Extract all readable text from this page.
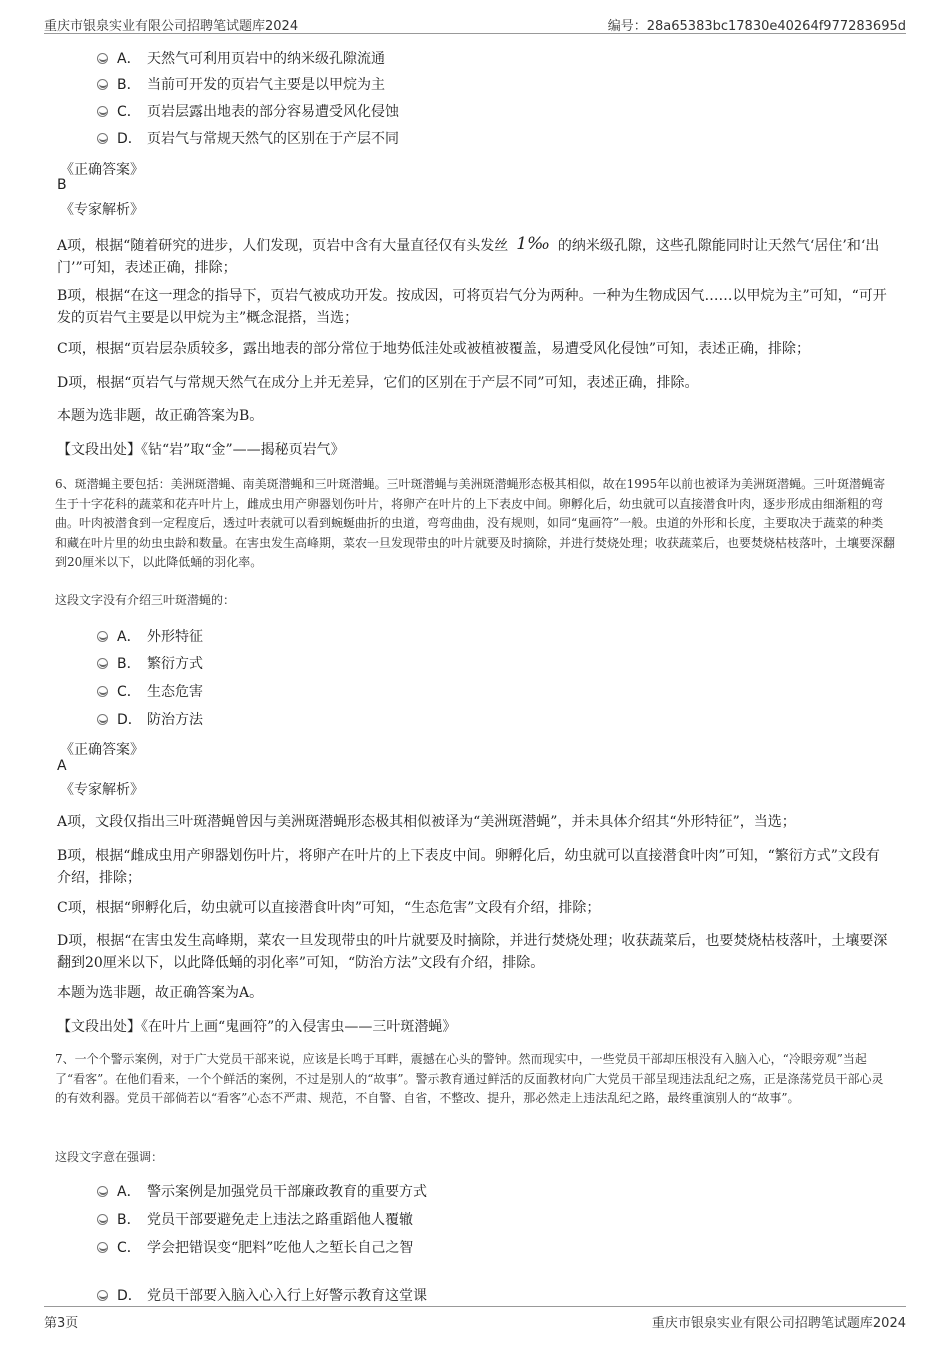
重庆市银泉实业有限公司招聘笔试题库2024	编号：28a65383bc17830e40264f977283695d
A． 天然气可利用页岩中的纳米级孔隙流通
B． 当前可开发的页岩气主要是以甲烷为主
C． 页岩层露出地表的部分容易遭受风化侵蚀
D． 页岩气与常规天然气的区别在于产层不同
《正确答案》
B
《专家解析》
A项，根据“随着研究的进步，人们发现，页岩中含有大量直径仅有头发丝 1‰ 的纳米级孔隙，这些孔隙能同时让天然气‘居住’和‘出门’”可知，表述正确，排除；
B项，根据“在这一理念的指导下，页岩气被成功开发。按成因，可将页岩气分为两种。一种为生物成因气……以甲烷为主”可知，“可开发的页岩气主要是以甲烷为主”概念混搭，当选；
C项，根据“页岩层杂质较多，露出地表的部分常位于地势低洼处或被植被覆盖，易遭受风化侵蚀”可知，表述正确，排除；
D项，根据“页岩气与常规天然气在成分上并无差异，它们的区别在于产层不同”可知，表述正确，排除。
本题为选非题，故正确答案为B。
【文段出处】《钻“岩”取“金”——揭秘页岩气》
6、斑潜蝇主要包括：美洲斑潜蝇、南美斑潜蝇和三叶斑潜蝇。三叶斑潜蝇与美洲斑潜蝇形态极其相似，故在1995年以前也被译为美洲斑潜蝇。三叶斑潜蝇寄生于十字花科的蔬菜和花卉叶片上，雌成虫用产卵器划伤叶片，将卵产在叶片的上下表皮中间。卵孵化后，幼虫就可以直接潜食叶肉，逐步形成由细渐粗的弯曲。叶肉被潜食到一定程度后，透过叶表就可以看到蜿蜒曲折的虫道，弯弯曲曲，没有规则，如同“鬼画符”一般。虫道的外形和长度，主要取决于蔬菜的种类和藏在叶片里的幼虫虫龄和数量。在害虫发生高峰期，菜农一旦发现带虫的叶片就要及时摘除，并进行焚烧处理；收获蔬菜后，也要焚烧枯枝落叶，土壤要深翻到20厘米以下，以此降低蛹的羽化率。
这段文字没有介绍三叶斑潜蝇的：
A． 外形特征
B． 繁衍方式
C． 生态危害
D． 防治方法
《正确答案》
A
《专家解析》
A项，文段仅指出三叶斑潜蝇曾因与美洲斑潜蝇形态极其相似被译为“美洲斑潜蝇”，并未具体介绍其“外形特征”，当选；
B项，根据“雌成虫用产卵器划伤叶片，将卵产在叶片的上下表皮中间。卵孵化后，幼虫就可以直接潜食叶肉”可知，“繁衍方式”文段有介绍，排除；
C项，根据“卵孵化后，幼虫就可以直接潜食叶肉”可知，“生态危害”文段有介绍，排除；
D项，根据“在害虫发生高峰期，菜农一旦发现带虫的叶片就要及时摘除，并进行焚烧处理；收获蔬菜后，也要焚烧枯枝落叶，土壤要深翻到20厘米以下，以此降低蛹的羽化率”可知，“防治方法”文段有介绍，排除。
本题为选非题，故正确答案为A。
【文段出处】《在叶片上画“鬼画符”的入侵害虫——三叶斑潜蝇》
7、一个个警示案例，对于广大党员干部来说，应该是长鸣于耳畔，震撼在心头的警钟。然而现实中，一些党员干部却压根没有入脑入心，“冷眼旁观”当起了“看客”。在他们看来，一个个鲜活的案例，不过是别人的“故事”。警示教育通过鲜活的反面教材向广大党员干部呈现违法乱纪之殇，正是涤荡党员干部心灵的有效利器。党员干部倘若以“看客”心态不严肃、规范，不自警、自省，不整改、提升，那必然走上违法乱纪之路，最终重演别人的“故事”。
这段文字意在强调：
A． 警示案例是加强党员干部廉政教育的重要方式
B． 党员干部要避免走上违法之路重蹈他人覆辙
C． 学会把错误变“肥料”吃他人之堑长自己之智
D． 党员干部要入脑入心入行上好警示教育这堂课
第3页	重庆市银泉实业有限公司招聘笔试题库2024
